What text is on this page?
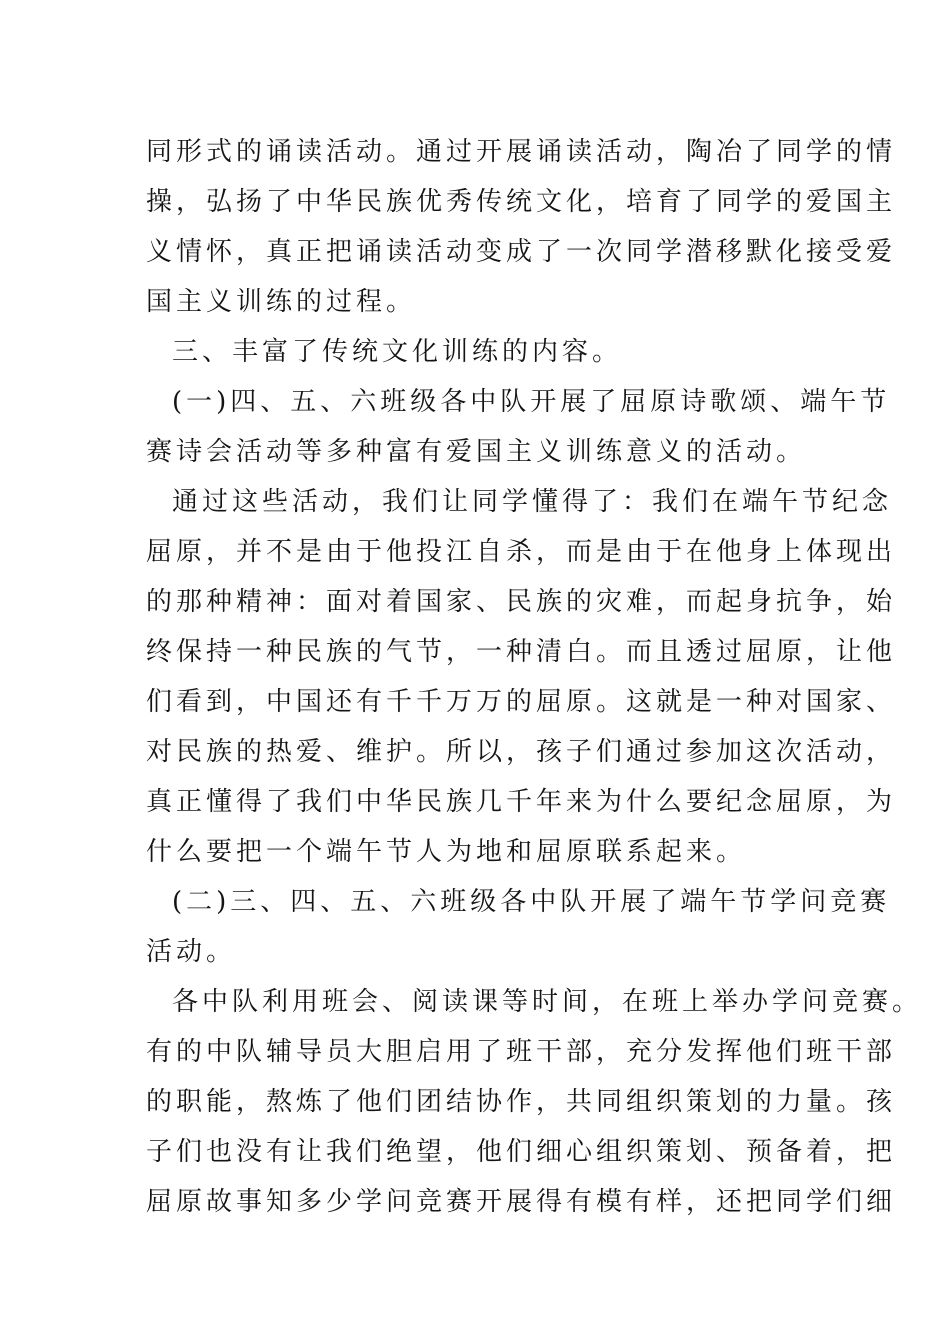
同形式的诵读活动。通过开展诵读活动，陶冶了同学的情
操，弘扬了中华民族优秀传统文化，培育了同学的爱国主
义情怀，真正把诵读活动变成了一次同学潜移默化接受爱
国主义训练的过程。
三、丰富了传统文化训练的内容。
(一)四、五、六班级各中队开展了屈原诗歌颂、端午节
赛诗会活动等多种富有爱国主义训练意义的活动。
通过这些活动，我们让同学懂得了：我们在端午节纪念
屈原，并不是由于他投江自杀，而是由于在他身上体现出
的那种精神：面对着国家、民族的灾难，而起身抗争，始
终保持一种民族的气节，一种清白。而且透过屈原，让他
们看到，中国还有千千万万的屈原。这就是一种对国家、
对民族的热爱、维护。所以，孩子们通过参加这次活动，
真正懂得了我们中华民族几千年来为什么要纪念屈原，为
什么要把一个端午节人为地和屈原联系起来。
(二)三、四、五、六班级各中队开展了端午节学问竞赛
活动。
各中队利用班会、阅读课等时间，在班上举办学问竞赛。
有的中队辅导员大胆启用了班干部，充分发挥他们班干部
的职能，熬炼了他们团结协作，共同组织策划的力量。孩
子们也没有让我们绝望，他们细心组织策划、预备着，把
屈原故事知多少学问竞赛开展得有模有样，还把同学们细
